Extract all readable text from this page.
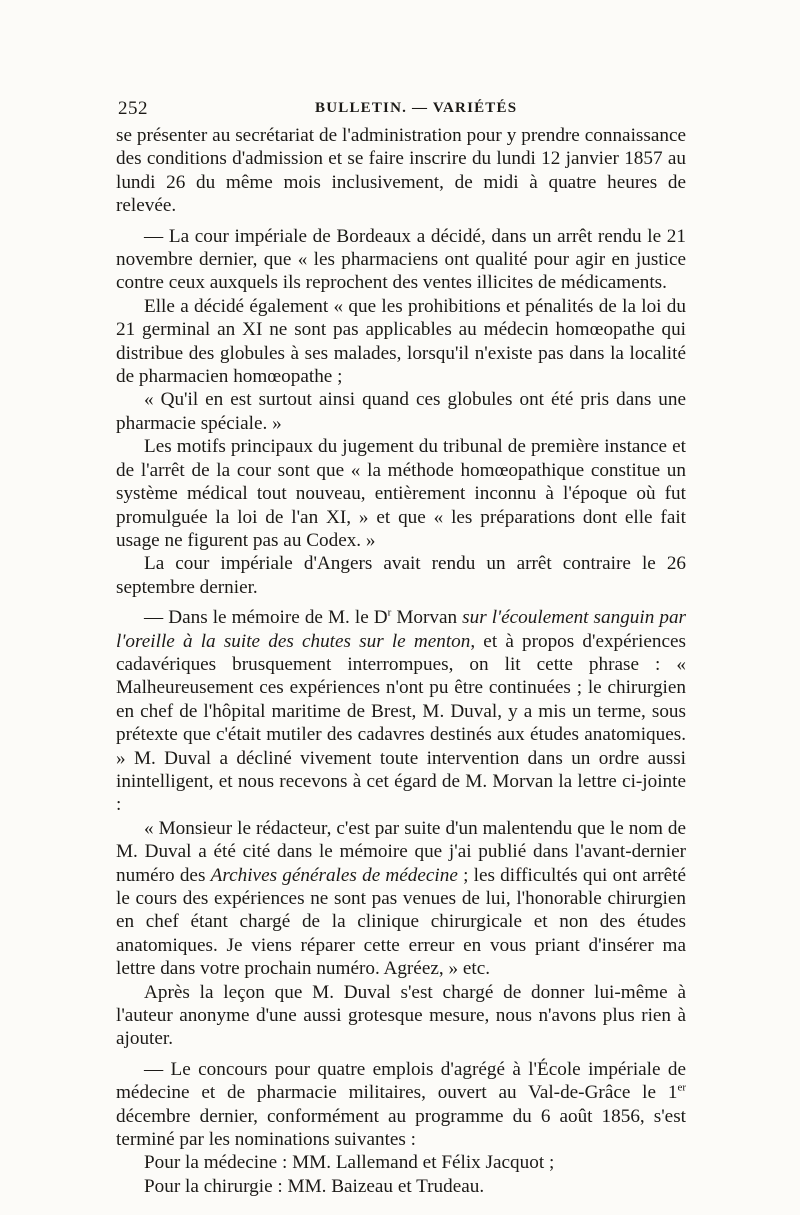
252	BULLETIN. — VARIÉTÉS

se présenter au secrétariat de l'administration pour y prendre connaissance des conditions d'admission et se faire inscrire du lundi 12 janvier 1857 au lundi 26 du même mois inclusivement, de midi à quatre heures de relevée.

— La cour impériale de Bordeaux a décidé, dans un arrêt rendu le 21 novembre dernier, que « les pharmaciens ont qualité pour agir en justice contre ceux auxquels ils reprochent des ventes illicites de médicaments.

Elle a décidé également « que les prohibitions et pénalités de la loi du 21 germinal an XI ne sont pas applicables au médecin homœopathe qui distribue des globules à ses malades, lorsqu'il n'existe pas dans la localité de pharmacien homœopathe ;

« Qu'il en est surtout ainsi quand ces globules ont été pris dans une pharmacie spéciale. »

Les motifs principaux du jugement du tribunal de première instance et de l'arrêt de la cour sont que « la méthode homœopathique constitue un système médical tout nouveau, entièrement inconnu à l'époque où fut promulguée la loi de l'an XI, » et que « les préparations dont elle fait usage ne figurent pas au Codex. »

La cour impériale d'Angers avait rendu un arrêt contraire le 26 septembre dernier.

— Dans le mémoire de M. le $D^r$ Morvan sur l'écoulement sanguin par l'oreille à la suite des chutes sur le menton, et à propos d'expériences cadavériques brusquement interrompues, on lit cette phrase : « Malheureusement ces expériences n'ont pu être continuées ; le chirurgien en chef de l'hôpital maritime de Brest, M. Duval, y a mis un terme, sous prétexte que c'était mutiler des cadavres destinés aux études anatomiques. » M. Duval a décliné vivement toute intervention dans un ordre aussi inintelligent, et nous recevons à cet égard de M. Morvan la lettre ci-jointe :

« Monsieur le rédacteur, c'est par suite d'un malentendu que le nom de M. Duval a été cité dans le mémoire que j'ai publié dans l'avant-dernier numéro des Archives générales de médecine ; les difficultés qui ont arrêté le cours des expériences ne sont pas venues de lui, l'honorable chirurgien en chef étant chargé de la clinique chirurgicale et non des études anatomiques. Je viens réparer cette erreur en vous priant d'insérer ma lettre dans votre prochain numéro. Agréez, » etc.

Après la leçon que M. Duval s'est chargé de donner lui-même à l'auteur anonyme d'une aussi grotesque mesure, nous n'avons plus rien à ajouter.

— Le concours pour quatre emplois d'agrégé à l'École impériale de médecine et de pharmacie militaires, ouvert au Val-de-Grâce le 1er décembre dernier, conformément au programme du 6 août 1856, s'est terminé par les nominations suivantes :

Pour la médecine : MM. Lallemand et Félix Jacquot ;

Pour la chirurgie : MM. Baizeau et Trudeau.
